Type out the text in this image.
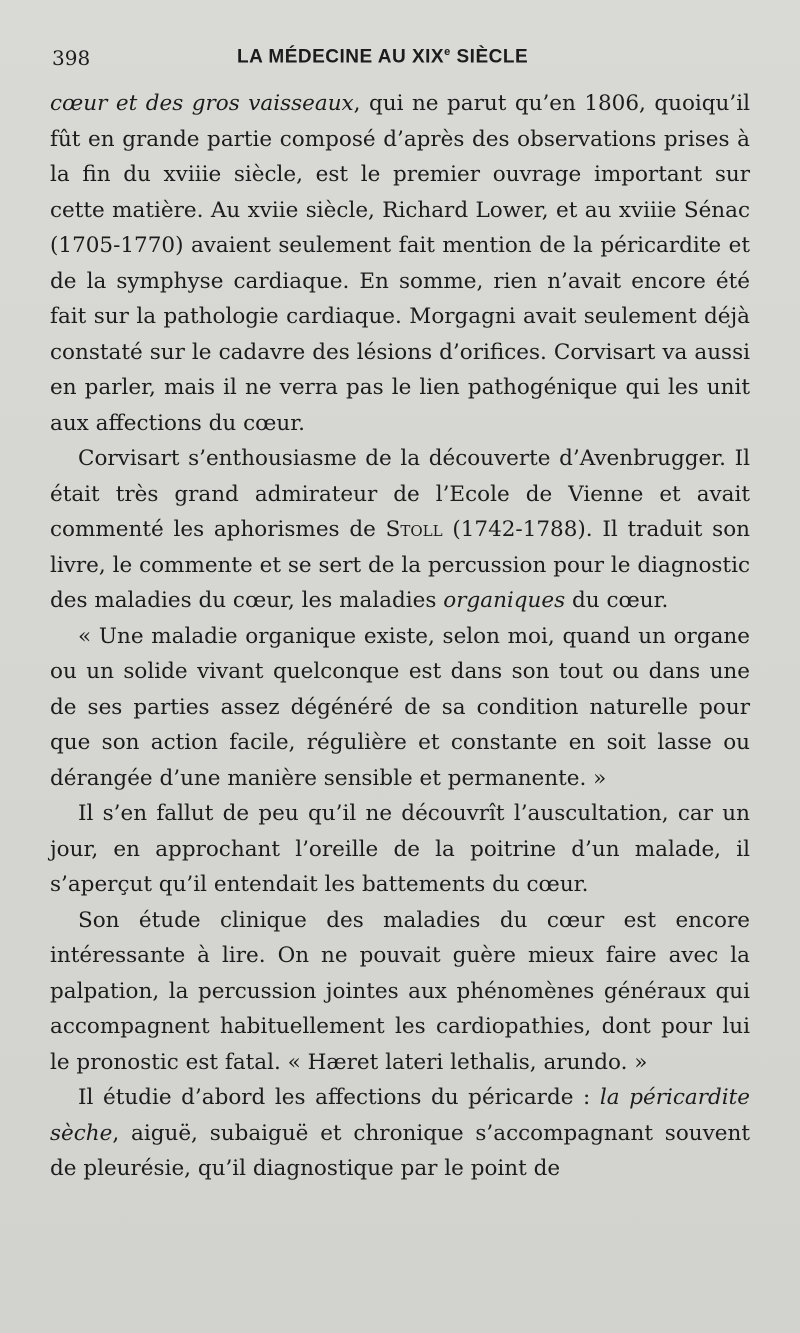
398	LA MÉDECINE AU XIXe SIÈCLE

cœur et des gros vaisseaux, qui ne parut qu’en 1806, quoiqu’il fût en grande partie composé d’après des observations prises à la fin du xviiie siècle, est le premier ouvrage important sur cette matière. Au xviie siècle, Richard Lower, et au xviiie Sénac (1705-1770) avaient seulement fait mention de la péricardite et de la symphyse cardiaque. En somme, rien n’avait encore été fait sur la pathologie cardiaque. Morgagni avait seulement déjà constaté sur le cadavre des lésions d’orifices. Corvisart va aussi en parler, mais il ne verra pas le lien pathogénique qui les unit aux affections du cœur.

Corvisart s’enthousiasme de la découverte d’Avenbrugger. Il était très grand admirateur de l’Ecole de Vienne et avait commenté les aphorismes de Stoll (1742-1788). Il traduit son livre, le commente et se sert de la percussion pour le diagnostic des maladies du cœur, les maladies organiques du cœur.

« Une maladie organique existe, selon moi, quand un organe ou un solide vivant quelconque est dans son tout ou dans une de ses parties assez dégénéré de sa condition naturelle pour que son action facile, régulière et constante en soit lasse ou dérangée d’une manière sensible et permanente. »

Il s’en fallut de peu qu’il ne découvrît l’auscultation, car un jour, en approchant l’oreille de la poitrine d’un malade, il s’aperçut qu’il entendait les battements du cœur.

Son étude clinique des maladies du cœur est encore intéressante à lire. On ne pouvait guère mieux faire avec la palpation, la percussion jointes aux phénomènes généraux qui accompagnent habituellement les cardiopathies, dont pour lui le pronostic est fatal. « Hæret lateri lethalis, arundo. »

Il étudie d’abord les affections du péricarde : la péricardite sèche, aiguë, subaiguë et chronique s’accompagnant souvent de pleurésie, qu’il diagnostique par le point de
